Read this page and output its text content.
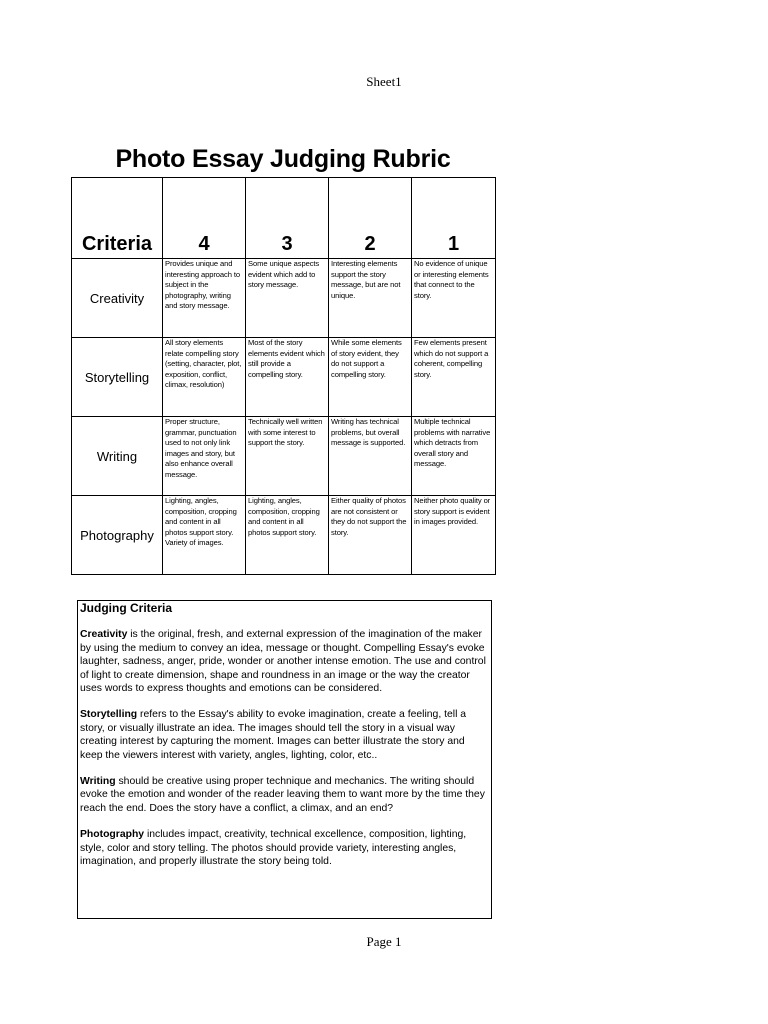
Sheet1
Photo Essay Judging Rubric
Criteria	4	3	2	1
Creativity	Provides unique and interesting approach to subject in the photography, writing and story message.	Some unique aspects evident which add to story message.	Interesting elements support the story message, but are not unique.	No evidence of unique or interesting elements that connect to the story.

Storytelling	All story elements relate compelling story (setting, character, plot, exposition, conflict, climax, resolution)	Most of the story elements evident which still provide a compelling story.	While some elements of story evident, they do not support a compelling story.	Few elements present which do not support a coherent, compelling story.

Writing	Proper structure, grammar, punctuation used to not only link images and story, but also enhance overall message.	Technically well written with some interest to support the story.	Writing has technical problems, but overall message is supported.	Multiple technical problems with narrative which detracts from overall story and message.

Photography	Lighting, angles, composition, cropping and content in all photos support story. Variety of images.	Lighting, angles, composition, cropping and content in all photos support story.	Either quality of photos are not consistent or they do not support the story.	Neither photo quality or story support is evident in images provided.
Judging Criteria

Creativity is the original, fresh, and external expression of the imagination of the maker by using the medium to convey an idea, message or thought. Compelling Essay's evoke laughter, sadness, anger, pride, wonder or another intense emotion. The use and control of light to create dimension, shape and roundness in an image or the way the creator uses words to express thoughts and emotions can be considered.

Storytelling refers to the Essay's ability to evoke imagination, create a feeling, tell a story, or visually illustrate an idea. The images should tell the story in a visual way creating interest by capturing the moment. Images can better illustrate the story and keep the viewers interest with variety, angles, lighting, color, etc..

Writing should be creative using proper technique and mechanics. The writing should evoke the emotion and wonder of the reader leaving them to want more by the time they reach the end. Does the story have a conflict, a climax, and an end?

Photography includes impact, creativity, technical excellence, composition, lighting, style, color and story telling. The photos should provide variety, interesting angles, imagination, and properly illustrate the story being told.

Page 1
